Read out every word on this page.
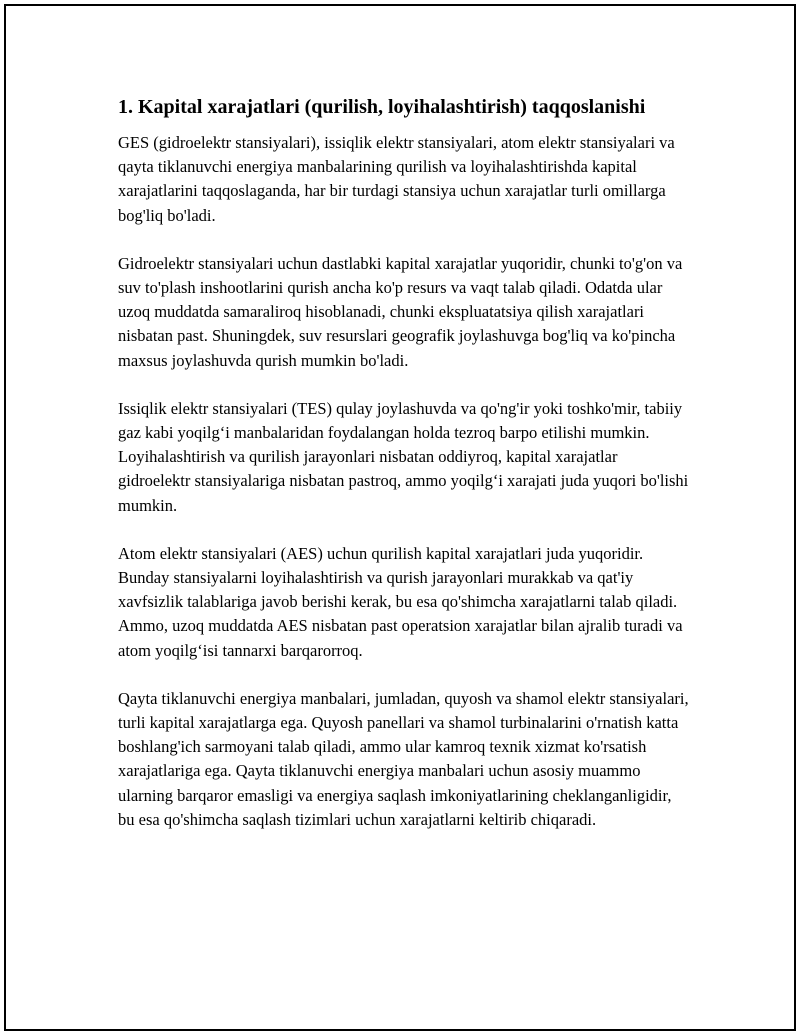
1. Kapital xarajatlari (qurilish, loyihalashtirish) taqqoslanishi

GES (gidroelektr stansiyalari), issiqlik elektr stansiyalari, atom elektr stansiyalari va qayta tiklanuvchi energiya manbalarining qurilish va loyihalashtirishda kapital xarajatlarini taqqoslaganda, har bir turdagi stansiya uchun xarajatlar turli omillarga bog'liq bo'ladi.

Gidroelektr stansiyalari uchun dastlabki kapital xarajatlar yuqoridir, chunki to'g'on va suv to'plash inshootlarini qurish ancha ko'p resurs va vaqt talab qiladi. Odatda ular uzoq muddatda samaraliroq hisoblanadi, chunki ekspluatatsiya qilish xarajatlari nisbatan past. Shuningdek, suv resurslari geografik joylashuvga bog'liq va ko'pincha maxsus joylashuvda qurish mumkin bo'ladi.

Issiqlik elektr stansiyalari (TES) qulay joylashuvda va qo'ng'ir yoki toshko'mir, tabiiy gaz kabi yoqilg‘i manbalaridan foydalangan holda tezroq barpo etilishi mumkin. Loyihalashtirish va qurilish jarayonlari nisbatan oddiyroq, kapital xarajatlar gidroelektr stansiyalariga nisbatan pastroq, ammo yoqilg‘i xarajati juda yuqori bo'lishi mumkin.

Atom elektr stansiyalari (AES) uchun qurilish kapital xarajatlari juda yuqoridir. Bunday stansiyalarni loyihalashtirish va qurish jarayonlari murakkab va qat'iy xavfsizlik talablariga javob berishi kerak, bu esa qo'shimcha xarajatlarni talab qiladi. Ammo, uzoq muddatda AES nisbatan past operatsion xarajatlar bilan ajralib turadi va atom yoqilg‘isi tannarxi barqarorroq.

Qayta tiklanuvchi energiya manbalari, jumladan, quyosh va shamol elektr stansiyalari, turli kapital xarajatlarga ega. Quyosh panellari va shamol turbinalarini o'rnatish katta boshlang'ich sarmoyani talab qiladi, ammo ular kamroq texnik xizmat ko'rsatish xarajatlariga ega. Qayta tiklanuvchi energiya manbalari uchun asosiy muammo ularning barqaror emasligi va energiya saqlash imkoniyatlarining cheklanganligidir, bu esa qo'shimcha saqlash tizimlari uchun xarajatlarni keltirib chiqaradi.
